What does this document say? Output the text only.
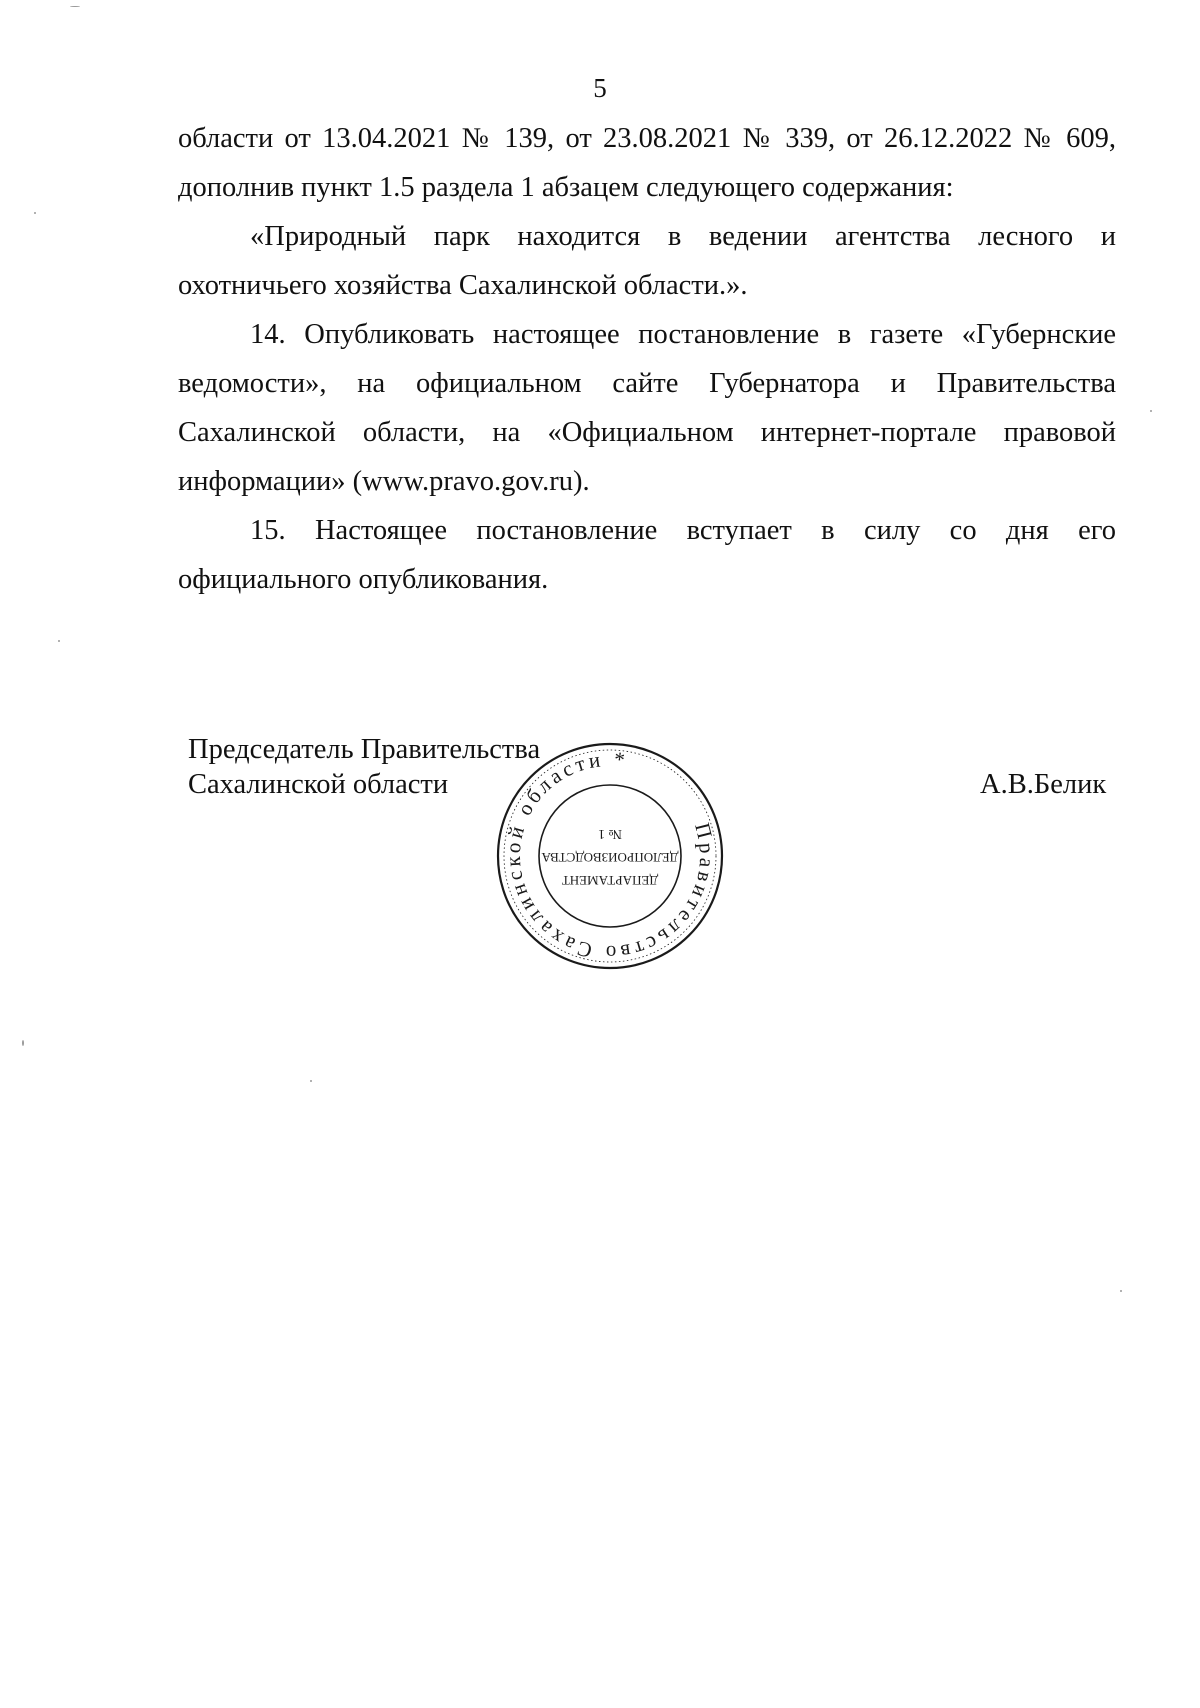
5

области от 13.04.2021 № 139, от 23.08.2021 № 339, от 26.12.2022 № 609, дополнив пункт 1.5 раздела 1 абзацем следующего содержания:

«Природный парк находится в ведении агентства лесного и охотничьего хозяйства Сахалинской области.».

14. Опубликовать настоящее постановление в газете «Губернские ведомости», на официальном сайте Губернатора и Правительства Сахалинской области, на «Официальном интернет-портале правовой информации» (www.pravo.gov.ru).

15. Настоящее постановление вступает в силу со дня его официального опубликования.

Председатель Правительства
Сахалинской области	А.В.Белик
Правительство Сахалинской области *
ДЕПАРТАМЕНТ
ДЕЛОПРОИЗВОДСТВА
№ 1
